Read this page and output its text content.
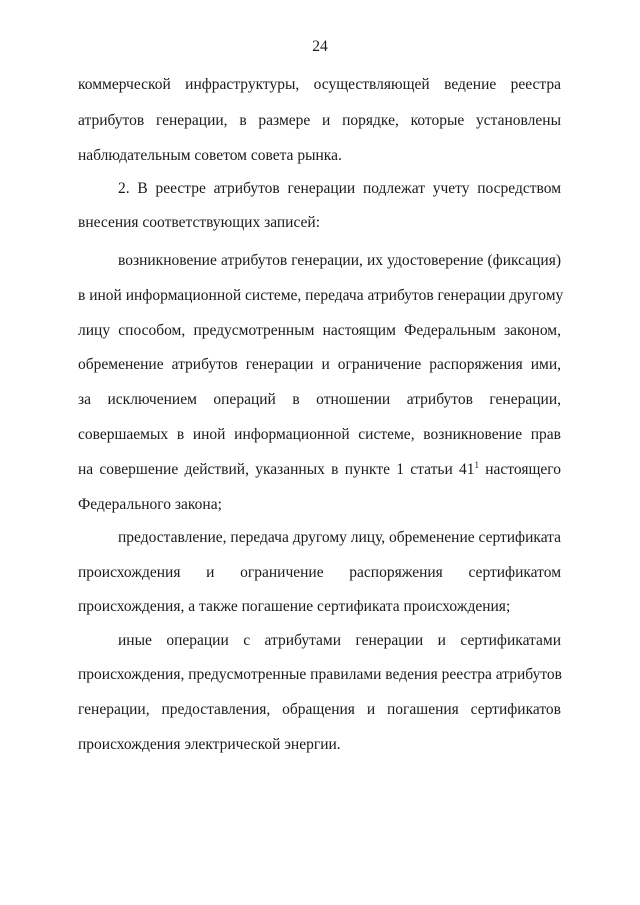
24
коммерческой инфраструктуры, осуществляющей ведение реестра
атрибутов генерации, в размере и порядке, которые установлены
наблюдательным советом совета рынка.
2. В реестре атрибутов генерации подлежат учету посредством
внесения соответствующих записей:
возникновение атрибутов генерации, их удостоверение (фиксация)
в иной информационной системе, передача атрибутов генерации другому
лицу способом, предусмотренным настоящим Федеральным законом,
обременение атрибутов генерации и ограничение распоряжения ими,
за исключением операций в отношении атрибутов генерации,
совершаемых в иной информационной системе, возникновение прав
на совершение действий, указанных в пункте 1 статьи $41^1$ настоящего
Федерального закона;
предоставление, передача другому лицу, обременение сертификата
происхождения и ограничение распоряжения сертификатом
происхождения, а также погашение сертификата происхождения;
иные операции с атрибутами генерации и сертификатами
происхождения, предусмотренные правилами ведения реестра атрибутов
генерации, предоставления, обращения и погашения сертификатов
происхождения электрической энергии.
